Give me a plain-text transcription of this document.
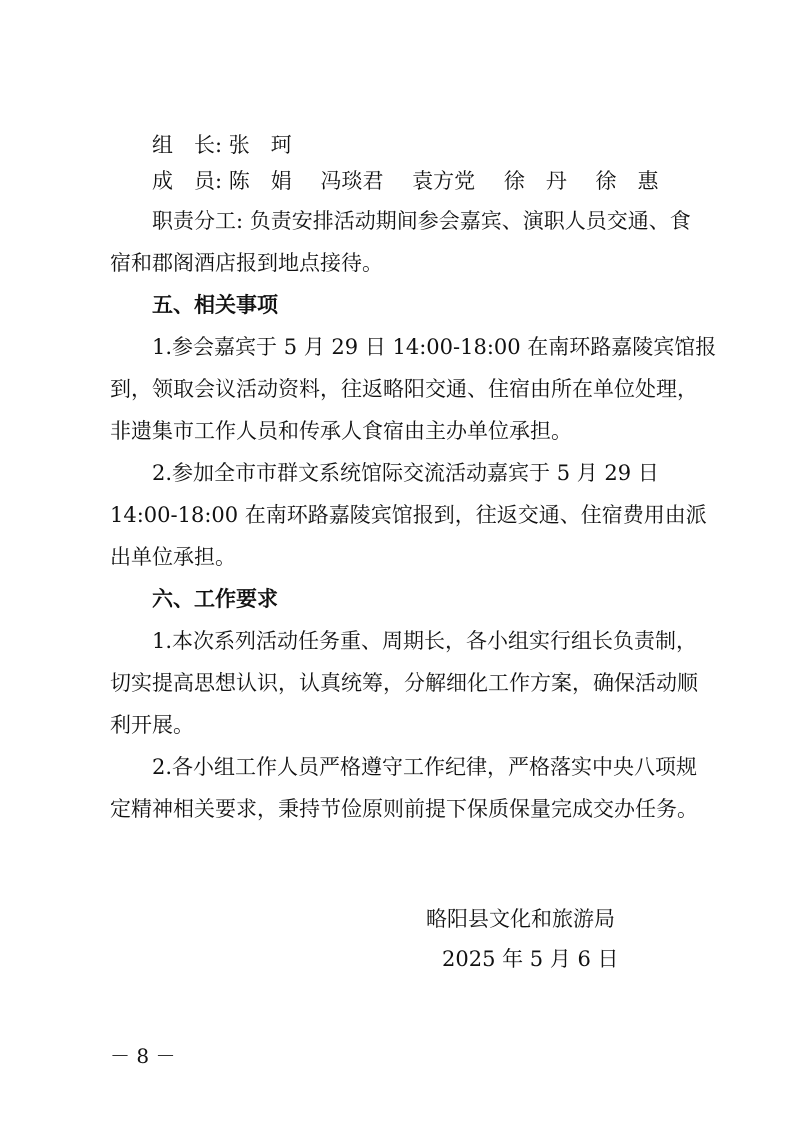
组　长: 张　珂
成　员: 陈　娟 冯琰君 袁方党 徐　丹 徐　惠
职责分工: 负责安排活动期间参会嘉宾、演职人员交通、食
宿和郡阁酒店报到地点接待。
五、相关事项
1.参会嘉宾于 5 月 29 日 14:00-18:00 在南环路嘉陵宾馆报
到，领取会议活动资料，往返略阳交通、住宿由所在单位处理，
非遗集市工作人员和传承人食宿由主办单位承担。
2.参加全市市群文系统馆际交流活动嘉宾于 5 月 29 日
14:00-18:00 在南环路嘉陵宾馆报到，往返交通、住宿费用由派
出单位承担。
六、工作要求
1.本次系列活动任务重、周期长，各小组实行组长负责制，
切实提高思想认识，认真统筹，分解细化工作方案，确保活动顺
利开展。
2.各小组工作人员严格遵守工作纪律，严格落实中央八项规
定精神相关要求，秉持节俭原则前提下保质保量完成交办任务。
略阳县文化和旅游局
2025 年 5 月 6 日
－ 8 －
